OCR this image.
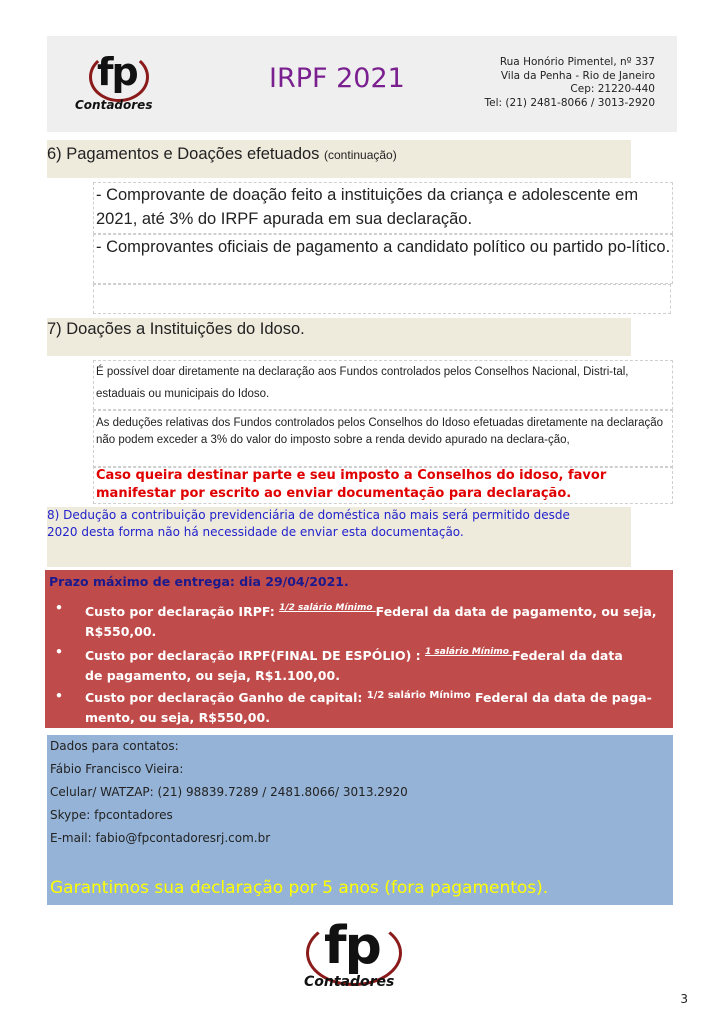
fp
Contadores
IRPF 2021
Rua Honório Pimentel, nº 337
Vila da Penha - Rio de Janeiro
Cep: 21220-440
Tel: (21) 2481-8066 / 3013-2920
6) Pagamentos e Doações efetuados (continuação)
- Comprovante de doação feito a instituições da criança e adolescente em 2021, até 3% do IRPF apurada em sua declaração.
- Comprovantes oficiais de pagamento a candidato político ou partido po-lítico.
7) Doações a Instituições do Idoso.
É possível doar diretamente na declaração aos Fundos controlados pelos Conselhos Nacional, Distri-tal, estaduais ou municipais do Idoso.
As deduções relativas dos Fundos controlados pelos Conselhos do Idoso efetuadas diretamente na declaração não podem exceder a 3% do valor do imposto sobre a renda devido apurado na declara-ção,
Caso queira destinar parte e seu imposto a Conselhos do idoso, favor manifestar por escrito ao enviar documentação para declaração.

8) Dedução a contribuição previdenciária de doméstica não mais será permitido desde

2020 desta forma não há necessidade de enviar esta documentação.

Prazo máximo de entrega: dia 29/04/2021.
• Custo por declaração IRPF: $^{1/2 salário Mínimo}$ Federal da data de pagamento, ou seja,
R$550,00.
• Custo por declaração IRPF(FINAL DE ESPÓLIO) : $^{1 salário Mínimo}$ Federal da data
de pagamento, ou seja, R$1.100,00.
• Custo por declaração Ganho de capital: $^{1/2 salário Mínimo}$ Federal da data de paga-
mento, ou seja, R$550,00.
Dados para contatos:
Fábio Francisco Vieira:
Celular/ WATZAP: (21) 98839.7289 / 2481.8066/ 3013.2920
Skype: fpcontadores
E-mail: fabio@fpcontadoresrj.com.br
Garantimos sua declaração por 5 anos (fora pagamentos).
fp
Contadores
3
